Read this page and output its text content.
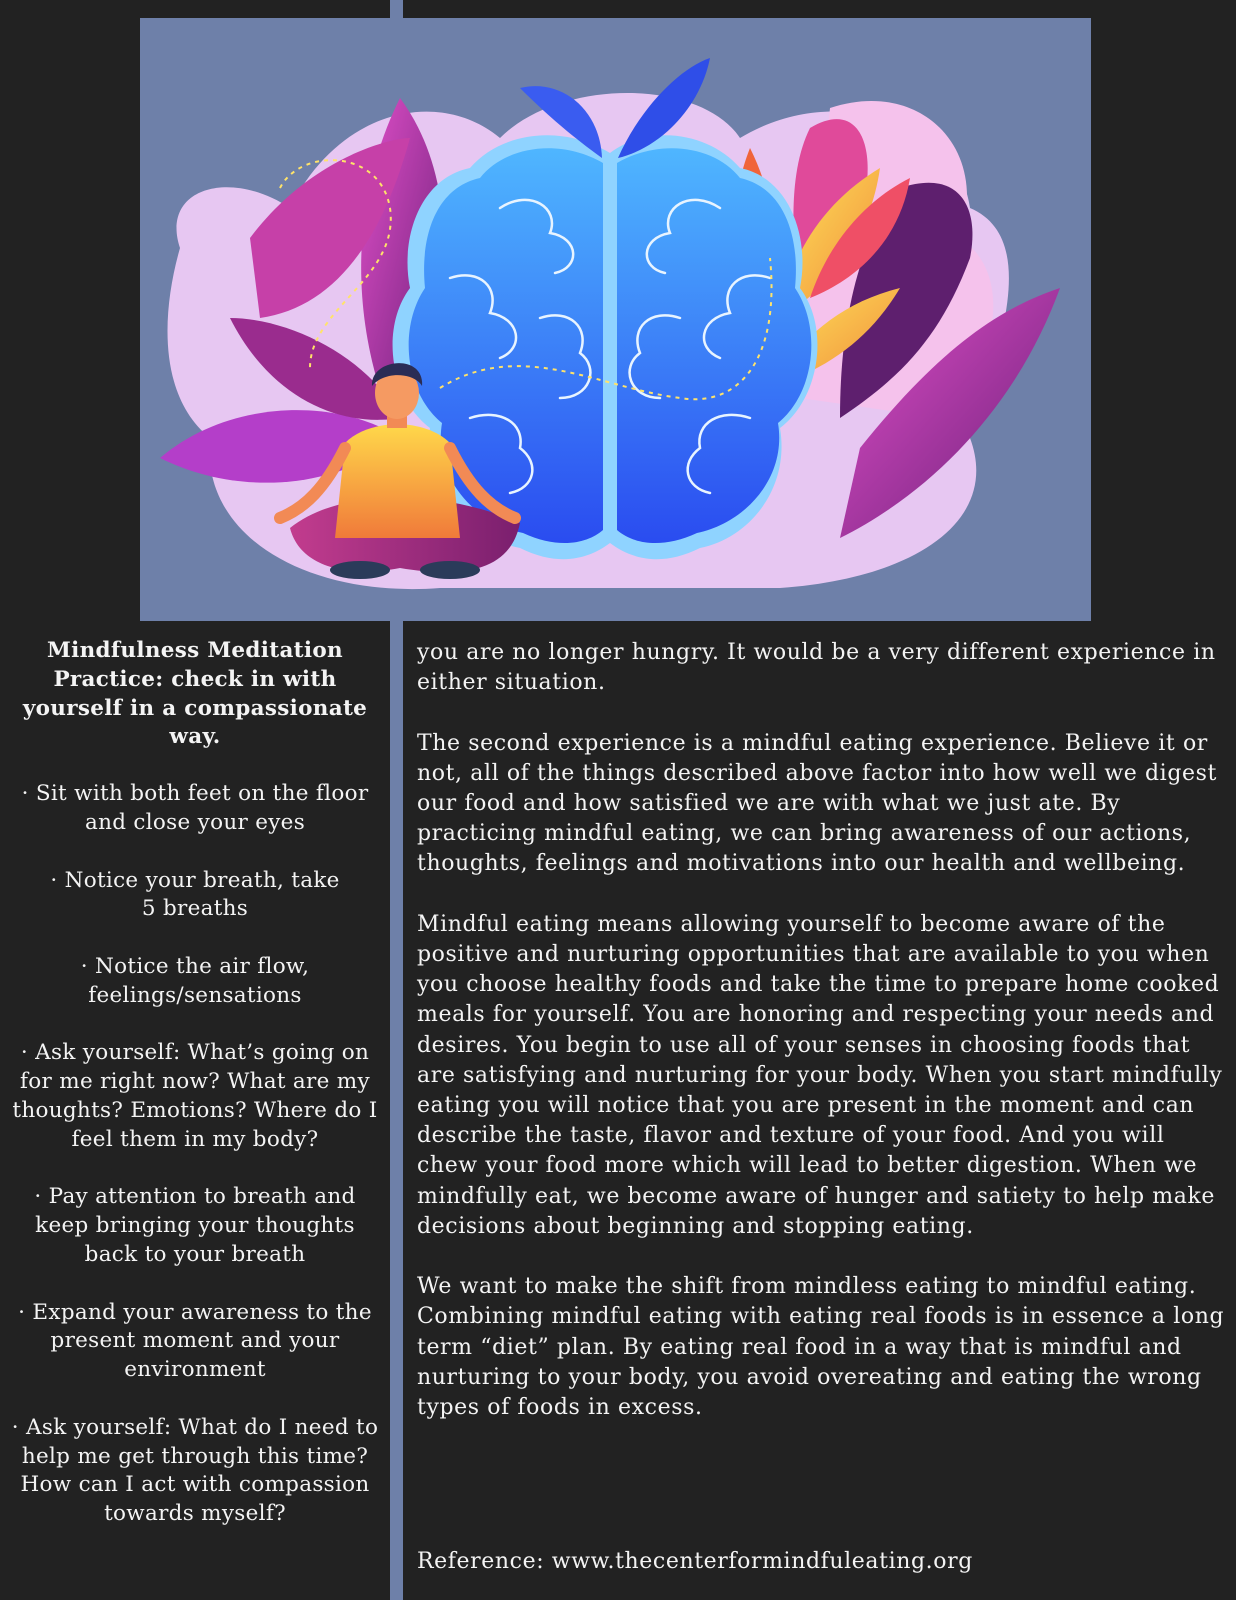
Mindfulness Meditation Practice: check in with yourself in a compassionate way.
· Sit with both feet on the floor and close your eyes
· Notice your breath, take 5 breaths
· Notice the air flow, feelings/sensations
· Ask yourself: What’s going on for me right now? What are my thoughts? Emotions? Where do I feel them in my body?
· Pay attention to breath and keep bringing your thoughts back to your breath
· Expand your awareness to the present moment and your environment
· Ask yourself: What do I need to help me get through this time? How can I act with compassion towards myself?

you are no longer hungry. It would be a very different experience in either situation.

The second experience is a mindful eating experience. Believe it or not, all of the things described above factor into how well we digest our food and how satisfied we are with what we just ate. By practicing mindful eating, we can bring awareness of our actions, thoughts, feelings and motivations into our health and wellbeing.

Mindful eating means allowing yourself to become aware of the positive and nurturing opportunities that are available to you when you choose healthy foods and take the time to prepare home cooked meals for yourself. You are honoring and respecting your needs and desires. You begin to use all of your senses in choosing foods that are satisfying and nurturing for your body. When you start mindfully eating you will notice that you are present in the moment and can describe the taste, flavor and texture of your food. And you will chew your food more which will lead to better digestion. When we mindfully eat, we become aware of hunger and satiety to help make decisions about beginning and stopping eating.

We want to make the shift from mindless eating to mindful eating. Combining mindful eating with eating real foods is in essence a long term “diet” plan. By eating real food in a way that is mindful and nurturing to your body, you avoid overeating and eating the wrong types of foods in excess.

Reference: www.thecenterformindfuleating.org
